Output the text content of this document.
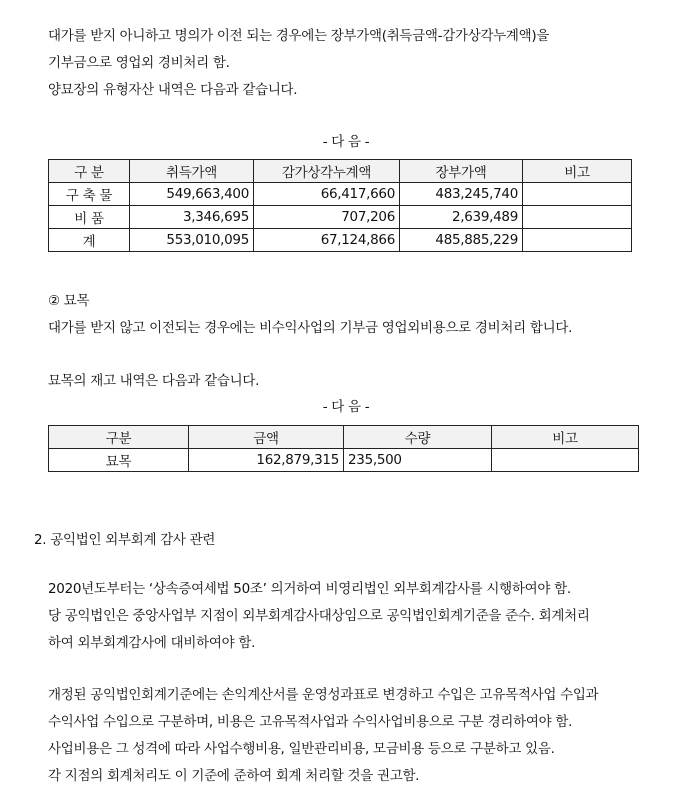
대가를 받지 아니하고 명의가 이전 되는 경우에는 장부가액(취득금액-감가상각누계액)을
기부금으로 영업외 경비처리 함.
양묘장의 유형자산 내역은 다음과 같습니다.
- 다 음 -
구 분	취득가액	감가상각누계액	장부가액	비고
구 축 물	549,663,400	66,417,660	483,245,740	
비 품	3,346,695	707,206	2,639,489	
계	553,010,095	67,124,866	485,885,229	
② 묘목
대가를 받지 않고 이전되는 경우에는 비수익사업의 기부금 영업외비용으로 경비처리 합니다.
묘목의 재고 내역은 다음과 같습니다.
- 다 음 -
구분	금액	수량	비고
묘목	162,879,315	235,500	
2. 공익법인 외부회계 감사 관련
2020년도부터는 ‘상속증여세법 50조’ 의거하여 비영리법인 외부회계감사를 시행하여야 함.
당 공익법인은 중앙사업부 지점이 외부회계감사대상임으로 공익법인회계기준을 준수. 회계처리
하여 외부회계감사에 대비하여야 함.
개정된 공익법인회계기준에는 손익계산서를 운영성과표로 변경하고 수입은 고유목적사업 수입과
수익사업 수입으로 구분하며, 비용은 고유목적사업과 수익사업비용으로 구분 경리하여야 함.
사업비용은 그 성격에 따라 사업수행비용, 일반관리비용, 모금비용 등으로 구분하고 있음.
각 지점의 회계처리도 이 기준에 준하여 회계 처리할 것을 권고함.
